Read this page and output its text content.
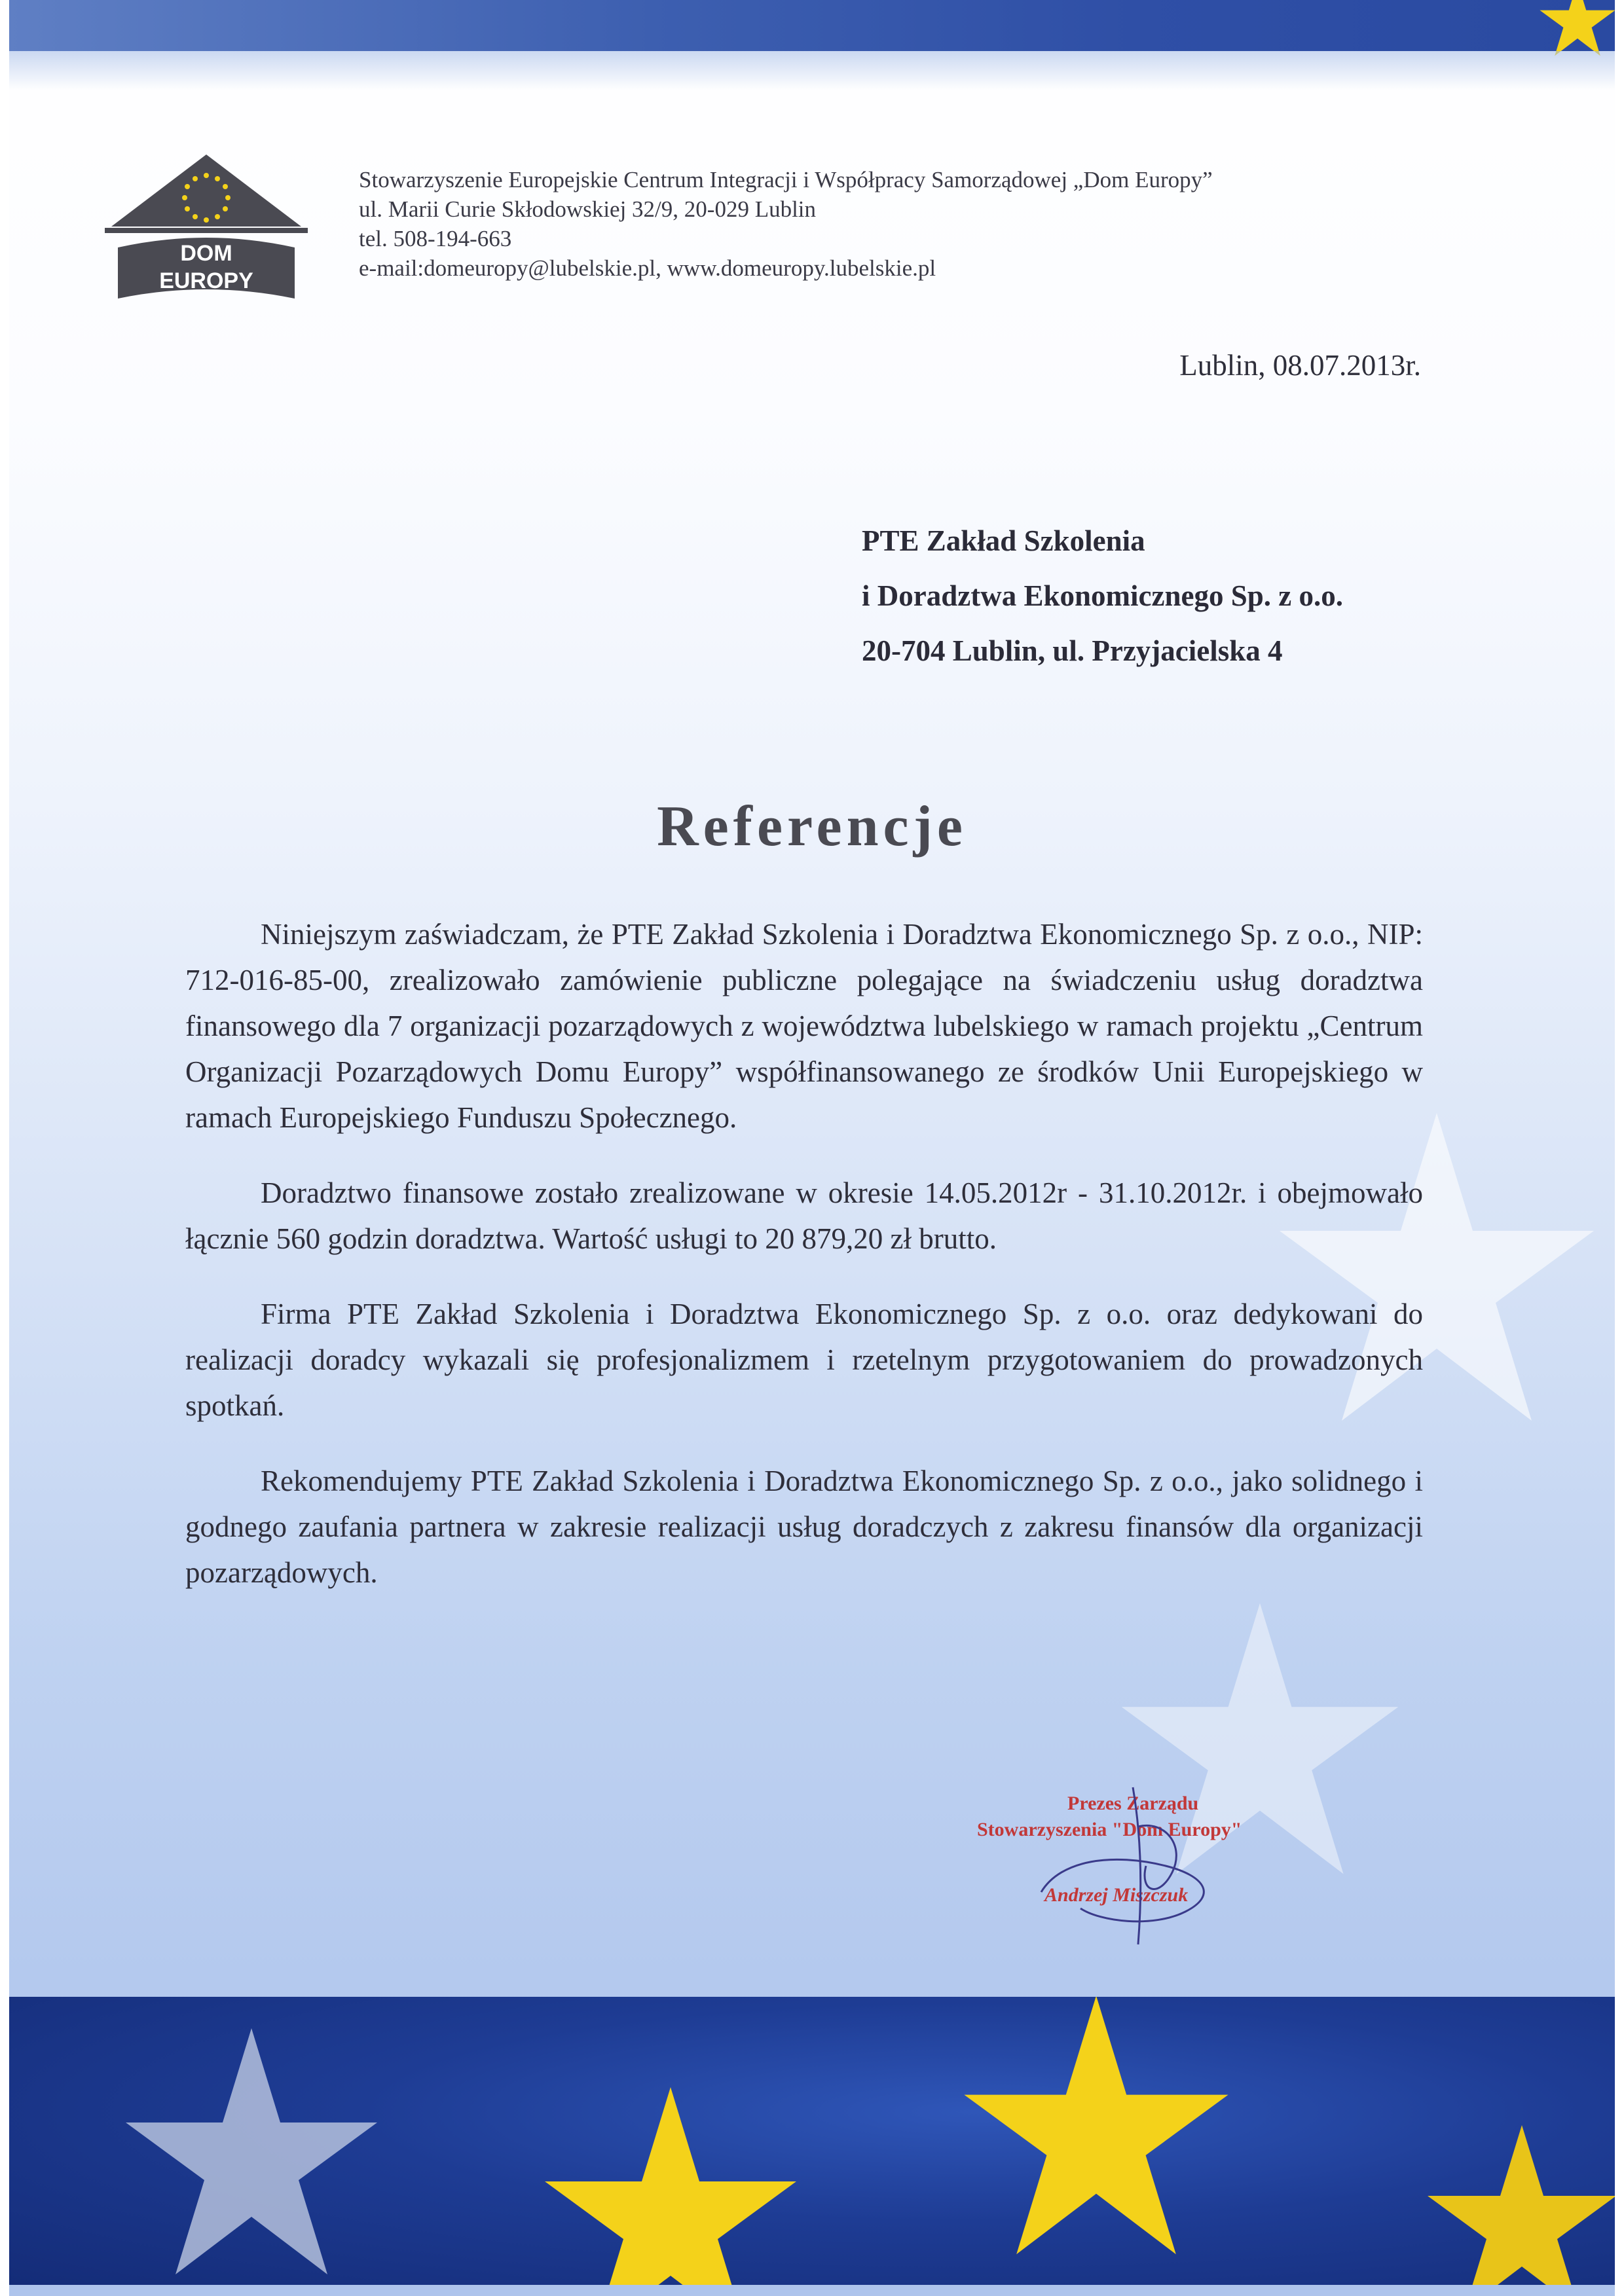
DOM
EUROPY
Stowarzyszenie Europejskie Centrum Integracji i Współpracy Samorządowej „Dom Europy”
ul. Marii Curie Skłodowskiej 32/9, 20-029 Lublin
tel. 508-194-663
e-mail:domeuropy@lubelskie.pl, www.domeuropy.lubelskie.pl
Lublin, 08.07.2013r.
PTE Zakład Szkolenia
i Doradztwa Ekonomicznego Sp. z o.o.
20-704 Lublin, ul. Przyjacielska 4
Referencje

Niniejszym zaświadczam, że PTE Zakład Szkolenia i Doradztwa Ekonomicznego Sp. z o.o., NIP: 712-016-85-00, zrealizowało zamówienie publiczne polegające na świadczeniu usług doradztwa finansowego dla 7 organizacji pozarządowych z województwa lubelskiego w ramach projektu „Centrum Organizacji Pozarządowych Domu Europy” współfinansowanego ze środków Unii Europejskiego w ramach Europejskiego Funduszu Społecznego.

Doradztwo finansowe zostało zrealizowane w okresie 14.05.2012r - 31.10.2012r. i obejmowało łącznie 560 godzin doradztwa. Wartość usługi to 20 879,20 zł brutto.

Firma PTE Zakład Szkolenia i Doradztwa Ekonomicznego Sp. z o.o. oraz dedykowani do realizacji doradcy wykazali się profesjonalizmem i rzetelnym przygotowaniem do prowadzonych spotkań.

Rekomendujemy PTE Zakład Szkolenia i Doradztwa Ekonomicznego Sp. z o.o., jako solidnego i godnego zaufania partnera w zakresie realizacji usług doradczych z zakresu finansów dla organizacji pozarządowych.

Prezes Zarządu
Stowarzyszenia "Dom Europy"
Andrzej Miszczuk
